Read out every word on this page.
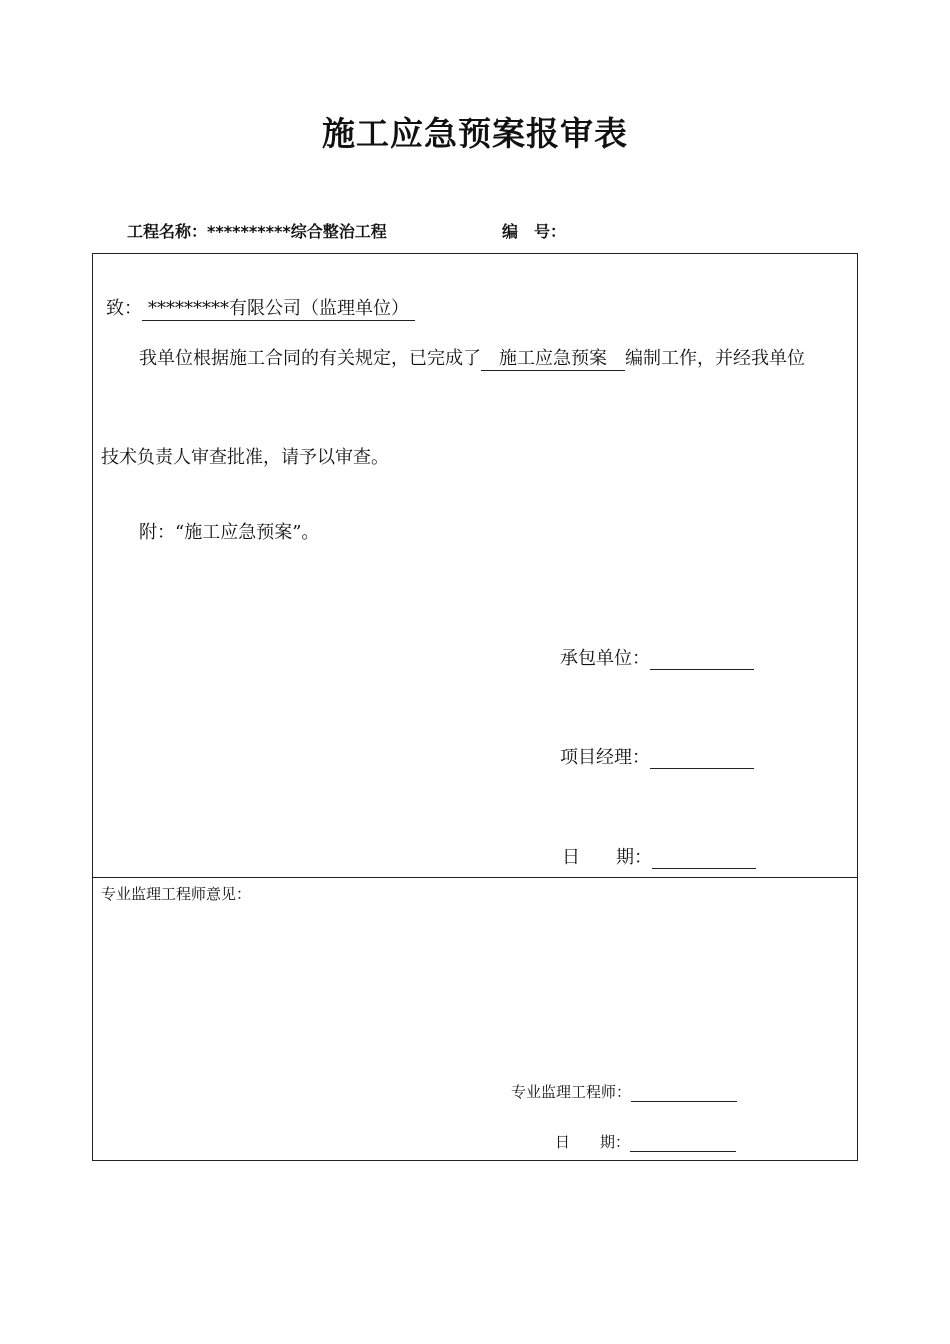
施工应急预案报审表
工程名称：**********综合整治工程	编　号：
致： *********有限公司（监理单位）
我单位根据施工合同的有关规定，已完成了 施工应急预案 编制工作，并经我单位
技术负责人审查批准，请予以审查。
附：“施工应急预案”。
承包单位：
项目经理：
日　　期：
专业监理工程师意见：
专业监理工程师：
日　　期：
